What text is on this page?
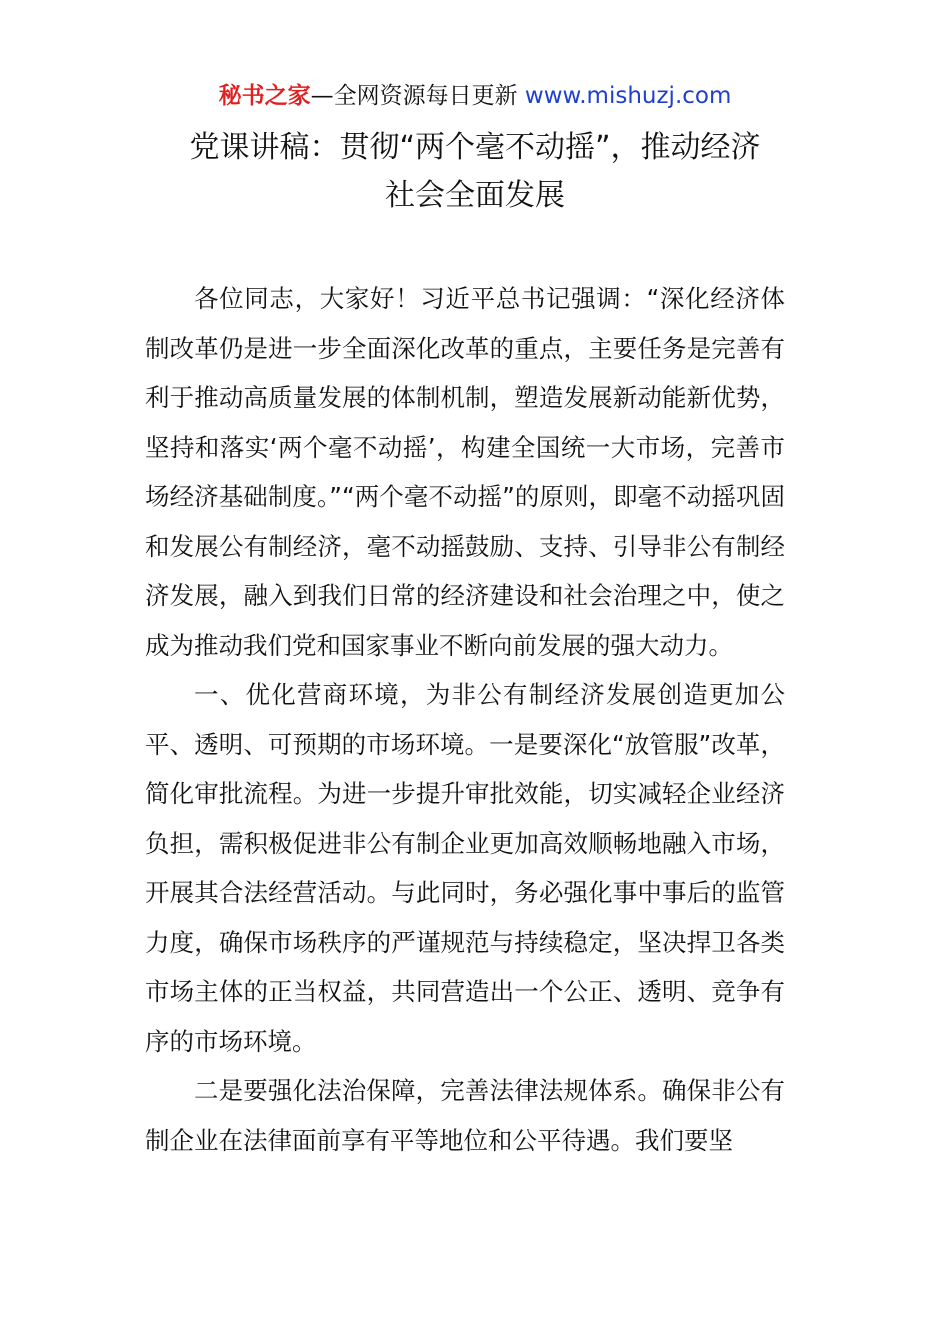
秘书之家—全网资源每日更新 www.mishuzj.com
党课讲稿：贯彻“两个毫不动摇”，推动经济
社会全面发展

各位同志，大家好！习近平总书记强调：“深化经济体制改革仍是进一步全面深化改革的重点，主要任务是完善有利于推动高质量发展的体制机制，塑造发展新动能新优势，坚持和落实‘两个毫不动摇’，构建全国统一大市场，完善市场经济基础制度。”“两个毫不动摇”的原则，即毫不动摇巩固和发展公有制经济，毫不动摇鼓励、支持、引导非公有制经济发展，融入到我们日常的经济建设和社会治理之中，使之成为推动我们党和国家事业不断向前发展的强大动力。

一、优化营商环境，为非公有制经济发展创造更加公平、透明、可预期的市场环境。一是要深化“放管服”改革，简化审批流程。为进一步提升审批效能，切实减轻企业经济负担，需积极促进非公有制企业更加高效顺畅地融入市场，开展其合法经营活动。与此同时，务必强化事中事后的监管力度，确保市场秩序的严谨规范与持续稳定，坚决捍卫各类市场主体的正当权益，共同营造出一个公正、透明、竞争有序的市场环境。

二是要强化法治保障，完善法律法规体系。确保非公有制企业在法律面前享有平等地位和公平待遇。我们要坚
